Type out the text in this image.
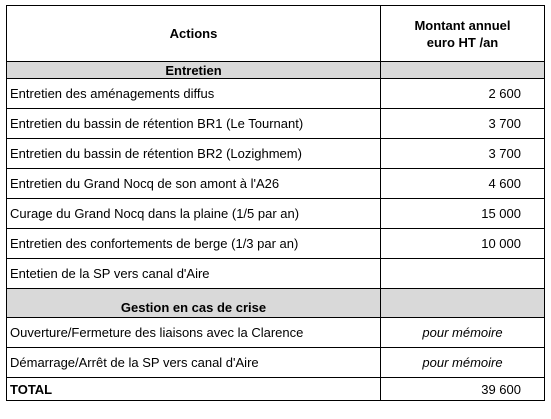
Actions	Montant annuel
euro HT /an
Entretien	
Entretien des aménagements diffus	2 600
Entretien du bassin de rétention BR1 (Le Tournant)	3 700
Entretien du bassin de rétention BR2 (Lozighmem)	3 700
Entretien du Grand Nocq de son amont à l'A26	4 600
Curage du Grand Nocq dans la plaine (1/5 par an)	15 000
Entretien des confortements de berge (1/3 par an)	10 000
Entetien de la SP vers canal d'Aire	
Gestion en cas de crise	
Ouverture/Fermeture des liaisons avec la Clarence	pour mémoire
Démarrage/Arrêt de la SP vers canal d'Aire	pour mémoire
TOTAL	39 600
